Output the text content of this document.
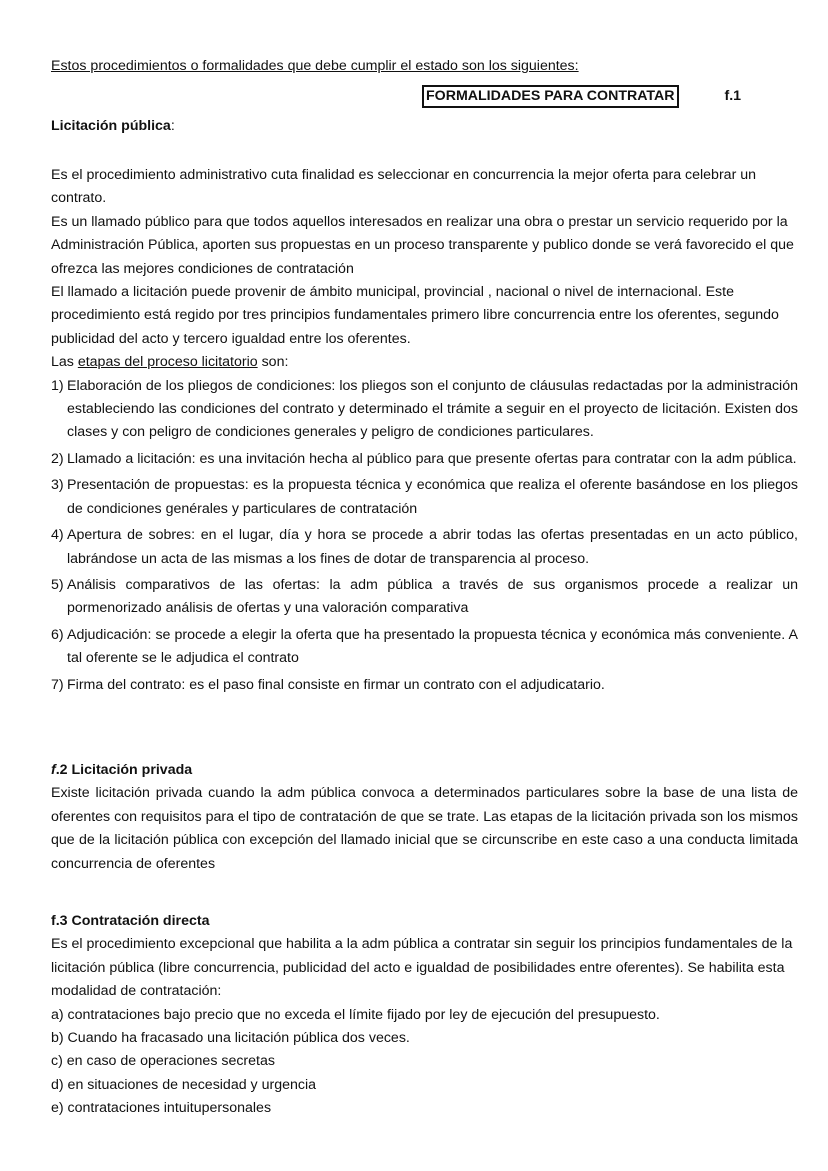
Estos procedimientos o formalidades que debe cumplir el estado son los siguientes:
FORMALIDADES PARA CONTRATAR	f.1
Licitación pública:

Es el procedimiento administrativo cuta finalidad es seleccionar en concurrencia la mejor oferta para celebrar un contrato.

Es un llamado público para que todos aquellos interesados en realizar una obra o prestar un servicio requerido por la Administración Pública, aporten sus propuestas en un proceso transparente y publico donde se verá favorecido el que ofrezca las mejores condiciones de contratación

El llamado a licitación puede provenir de ámbito municipal, provincial , nacional o nivel de internacional. Este procedimiento está regido por tres principios fundamentales primero libre concurrencia entre los oferentes, segundo publicidad del acto y tercero igualdad entre los oferentes.

Las etapas del proceso licitatorio son:

1) Elaboración de los pliegos de condiciones: los pliegos son el conjunto de cláusulas redactadas por la administración estableciendo las condiciones del contrato y determinado el trámite a seguir en el proyecto de licitación. Existen dos clases y con peligro de condiciones generales y peligro de condiciones particulares.
2) Llamado a licitación: es una invitación hecha al público para que presente ofertas para contratar con la adm pública.
3) Presentación de propuestas: es la propuesta técnica y económica que realiza el oferente basándose en los pliegos de condiciones genérales y particulares de contratación
4) Apertura de sobres: en el lugar, día y hora se procede a abrir todas las ofertas presentadas en un acto público, labrándose un acta de las mismas a los fines de dotar de transparencia al proceso.
5) Análisis comparativos de las ofertas: la adm pública a través de sus organismos procede a realizar un pormenorizado análisis de ofertas y una valoración comparativa
6) Adjudicación: se procede a elegir la oferta que ha presentado la propuesta técnica y económica más conveniente. A tal oferente se le adjudica el contrato
7) Firma del contrato: es el paso final consiste en firmar un contrato con el adjudicatario.

f.2 Licitación privada

Existe licitación privada cuando la adm pública convoca a determinados particulares sobre la base de una lista de oferentes con requisitos para el tipo de contratación de que se trate. Las etapas de la licitación privada son los mismos que de la licitación pública con excepción del llamado inicial que se circunscribe en este caso a una conducta limitada concurrencia de oferentes

f.3 Contratación directa

Es el procedimiento excepcional que habilita a la adm pública a contratar sin seguir los principios fundamentales de la licitación pública (libre concurrencia, publicidad del acto e igualdad de posibilidades entre oferentes). Se habilita esta modalidad de contratación:

a) contrataciones bajo precio que no exceda el límite fijado por ley de ejecución del presupuesto.

b) Cuando ha fracasado una licitación pública dos veces.

c) en caso de operaciones secretas

d) en situaciones de necesidad y urgencia

e) contrataciones intuitupersonales
